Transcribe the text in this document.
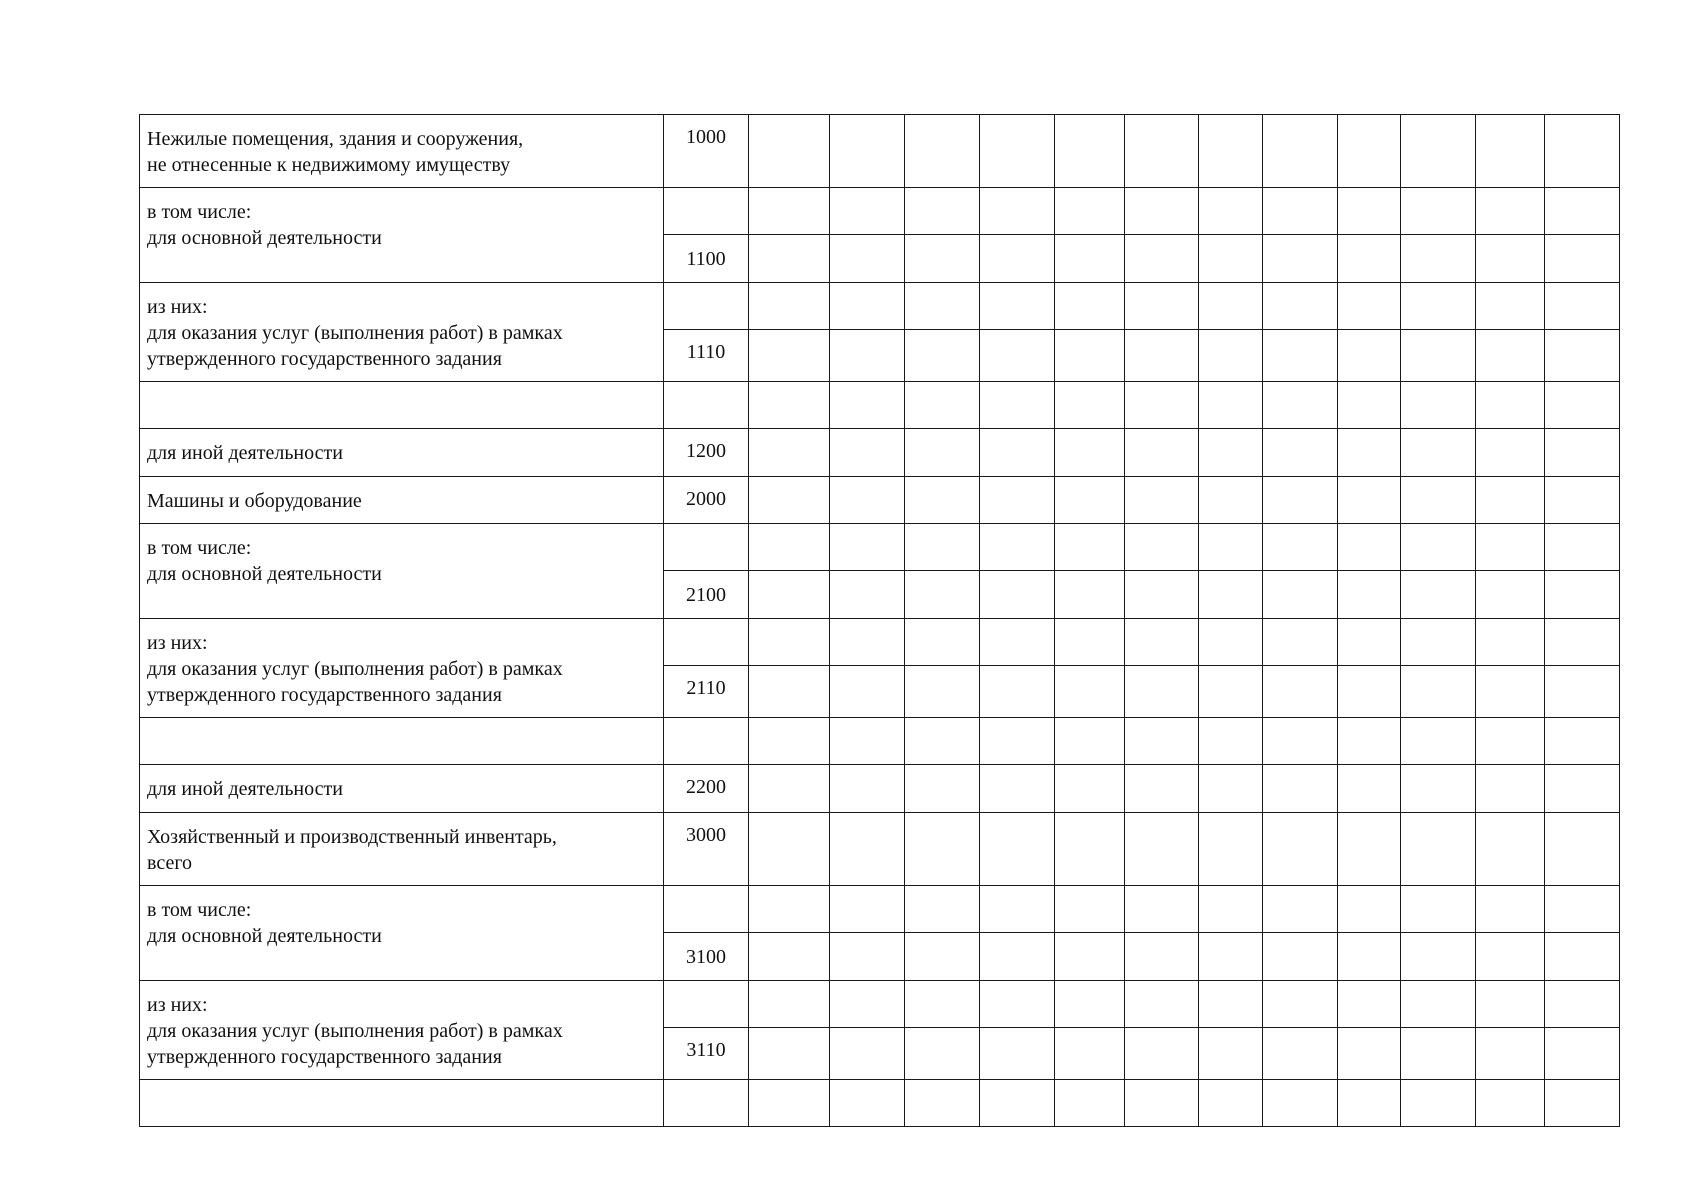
Нежилые помещения, здания и сооружения,
не отнесенные к недвижимому имуществу	1000												

в том числе:
для основной деятельности													

	1100												

из них:
для оказания услуг (выполнения работ) в рамках
утвержденного государственного задания													

	1110												

для иной деятельности	1200												

Машины и оборудование	2000												

в том числе:
для основной деятельности													

	2100												

из них:
для оказания услуг (выполнения работ) в рамках
утвержденного государственного задания													

	2110												

для иной деятельности	2200												

Хозяйственный и производственный инвентарь,
всего	3000												

в том числе:
для основной деятельности													

	3100												

из них:
для оказания услуг (выполнения работ) в рамках
утвержденного государственного задания													

	3110												
